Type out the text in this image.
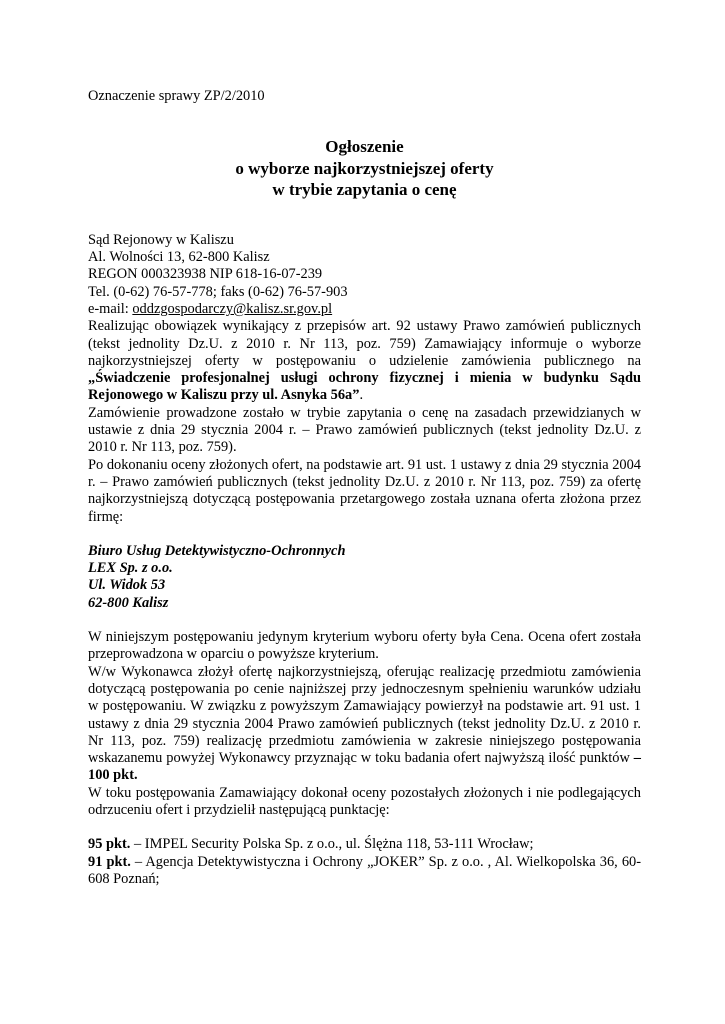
Oznaczenie sprawy ZP/2/2010

Ogłoszenie
o wyborze najkorzystniejszej oferty
w trybie zapytania o cenę

Sąd Rejonowy w Kaliszu

Al. Wolności 13, 62-800 Kalisz

REGON 000323938 NIP 618-16-07-239

Tel. (0-62) 76-57-778; faks (0-62) 76-57-903

e-mail: oddzgospodarczy@kalisz.sr.gov.pl

Realizując obowiązek wynikający z przepisów art. 92 ustawy Prawo zamówień publicznych (tekst jednolity Dz.U. z 2010 r. Nr 113, poz. 759) Zamawiający informuje o wyborze najkorzystniejszej oferty w postępowaniu o udzielenie zamówienia publicznego na „Świadczenie profesjonalnej usługi ochrony fizycznej i mienia w budynku Sądu Rejonowego w Kaliszu przy ul. Asnyka 56a”.

Zamówienie prowadzone zostało w trybie zapytania o cenę na zasadach przewidzianych w ustawie z dnia 29 stycznia 2004 r. – Prawo zamówień publicznych (tekst jednolity Dz.U. z 2010 r. Nr 113, poz. 759).

Po dokonaniu oceny złożonych ofert, na podstawie art. 91 ust. 1 ustawy z dnia 29 stycznia 2004 r. – Prawo zamówień publicznych (tekst jednolity Dz.U. z 2010 r. Nr 113, poz. 759) za ofertę najkorzystniejszą dotyczącą postępowania przetargowego została uznana oferta złożona przez firmę:

Biuro Usług Detektywistyczno-Ochronnych

LEX Sp. z o.o.

Ul. Widok 53

62-800 Kalisz

W niniejszym postępowaniu jedynym kryterium wyboru oferty była Cena. Ocena ofert została przeprowadzona w oparciu o powyższe kryterium.

W/w Wykonawca złożył ofertę najkorzystniejszą, oferując realizację przedmiotu zamówienia dotyczącą postępowania po cenie najniższej przy jednoczesnym spełnieniu warunków udziału w postępowaniu. W związku z powyższym Zamawiający powierzył na podstawie art. 91 ust. 1 ustawy z dnia 29 stycznia 2004 Prawo zamówień publicznych (tekst jednolity Dz.U. z 2010 r. Nr 113, poz. 759) realizację przedmiotu zamówienia w zakresie niniejszego postępowania wskazanemu powyżej Wykonawcy przyznając w toku badania ofert najwyższą ilość punktów – 100 pkt.

W toku postępowania Zamawiający dokonał oceny pozostałych złożonych i nie podlegających odrzuceniu ofert i przydzielił następującą punktację:

95 pkt. – IMPEL Security Polska Sp. z o.o., ul. Ślężna 118, 53-111 Wrocław;

91 pkt. – Agencja Detektywistyczna i Ochrony „JOKER” Sp. z o.o. , Al. Wielkopolska 36, 60-608 Poznań;
